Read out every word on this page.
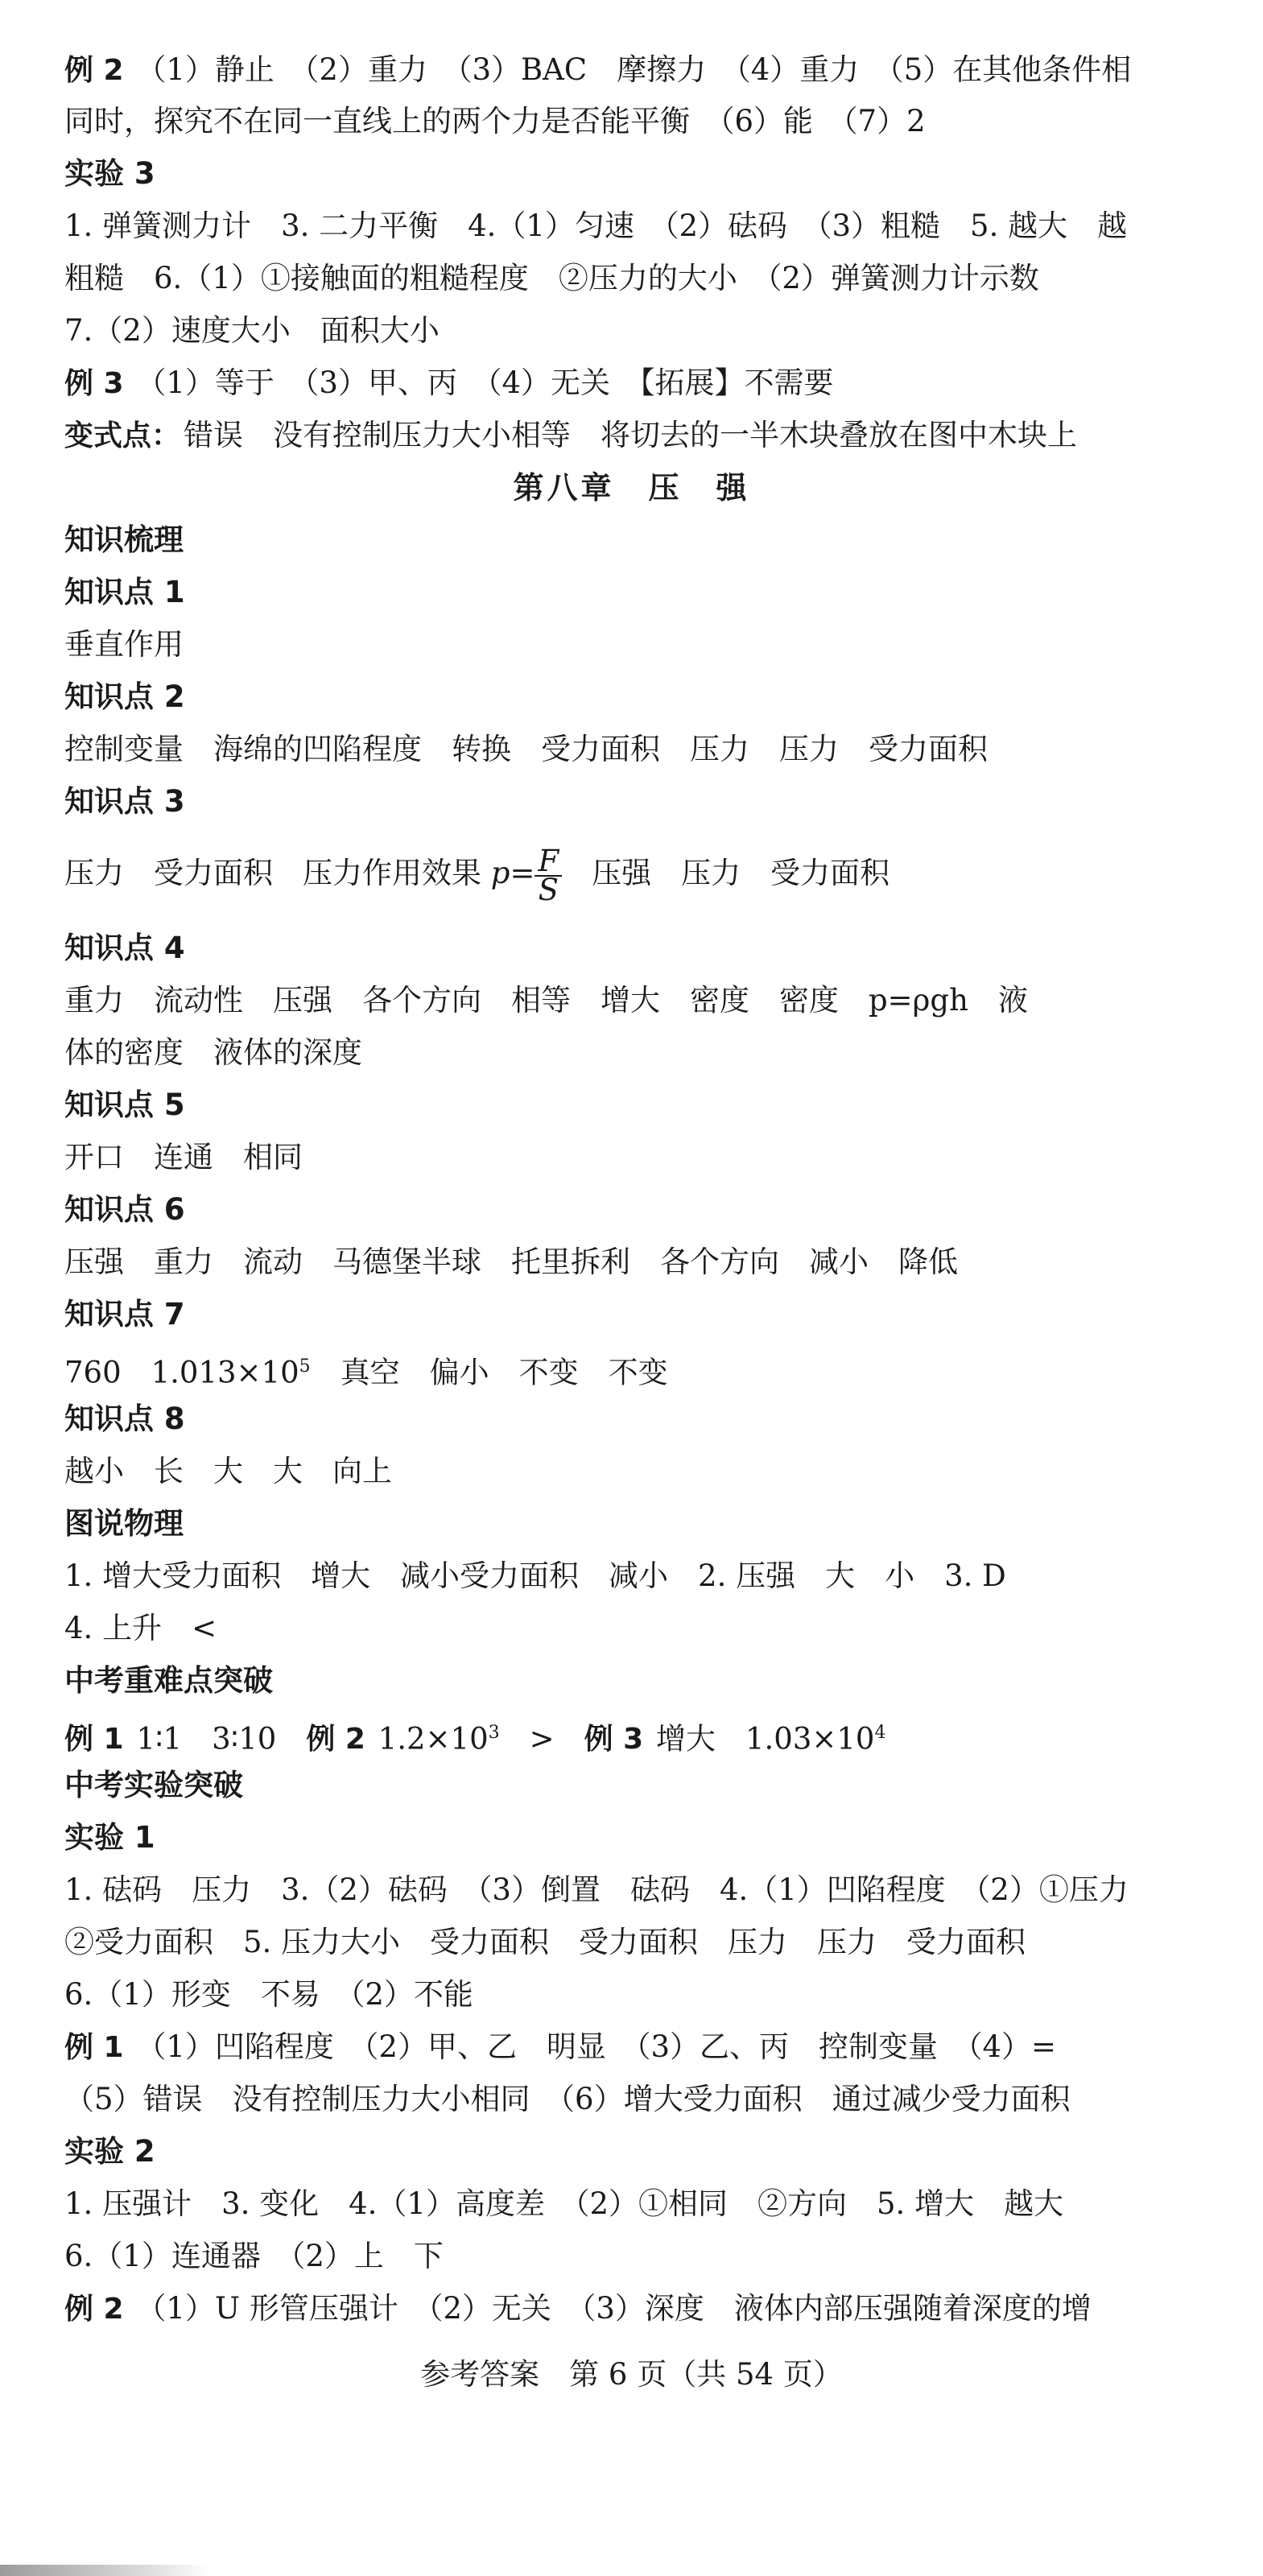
例 2 （1）静止　（2）重力　（3）BAC　摩擦力　（4）重力　（5）在其他条件相
同时，探究不在同一直线上的两个力是否能平衡　（6）能　（7）2
实验 3
1. 弹簧测力计　3. 二力平衡　4.（1）匀速　（2）砝码　（3）粗糙　5. 越大　越
粗糙　6.（1）①接触面的粗糙程度　②压力的大小　（2）弹簧测力计示数
7.（2）速度大小　面积大小
例 3 （1）等于　（3）甲、丙　（4）无关　【拓展】不需要
变式点： 错误　没有控制压力大小相等　将切去的一半木块叠放在图中木块上
第八章　压　强
知识梳理
知识点 1
垂直作用
知识点 2
控制变量　海绵的凹陷程度　转换　受力面积　压力　压力　受力面积
知识点 3
压力　受力面积　压力作用效果 $p= \frac{F}{S}$ 　压强　压力　受力面积
知识点 4
重力　流动性　压强　各个方向　相等　增大　密度　密度　p=ρgh　液
体的密度　液体的深度
知识点 5
开口　连通　相同
知识点 6
压强　重力　流动　马德堡半球　托里拆利　各个方向　减小　降低
知识点 7
760　$1.013\times 10^5$　真空　偏小　不变　不变
知识点 8
越小　长　大　大　向上
图说物理
1. 增大受力面积　增大　减小受力面积　减小　2. 压强　大　小　3. D
4. 上升　<
中考重难点突破
例 1 1∶1　3∶10　例 2 $1.2\times 10^3$　>　例 3 增大　$1.03\times 10^4$
中考实验突破
实验 1
1. 砝码　压力　3.（2）砝码　（3）倒置　砝码　4.（1）凹陷程度　（2）①压力
②受力面积　5. 压力大小　受力面积　受力面积　压力　压力　受力面积
6.（1）形变　不易　（2）不能
例 1 （1）凹陷程度　（2）甲、乙　明显　（3）乙、丙　控制变量　（4）=
（5）错误　没有控制压力大小相同　（6）增大受力面积　通过减少受力面积
实验 2
1. 压强计　3. 变化　4.（1）高度差　（2）①相同　②方向　5. 增大　越大
6.（1）连通器　（2）上　下
例 2 （1）U 形管压强计　（2）无关　（3）深度　液体内部压强随着深度的增
参考答案　第 6 页（共 54 页）
